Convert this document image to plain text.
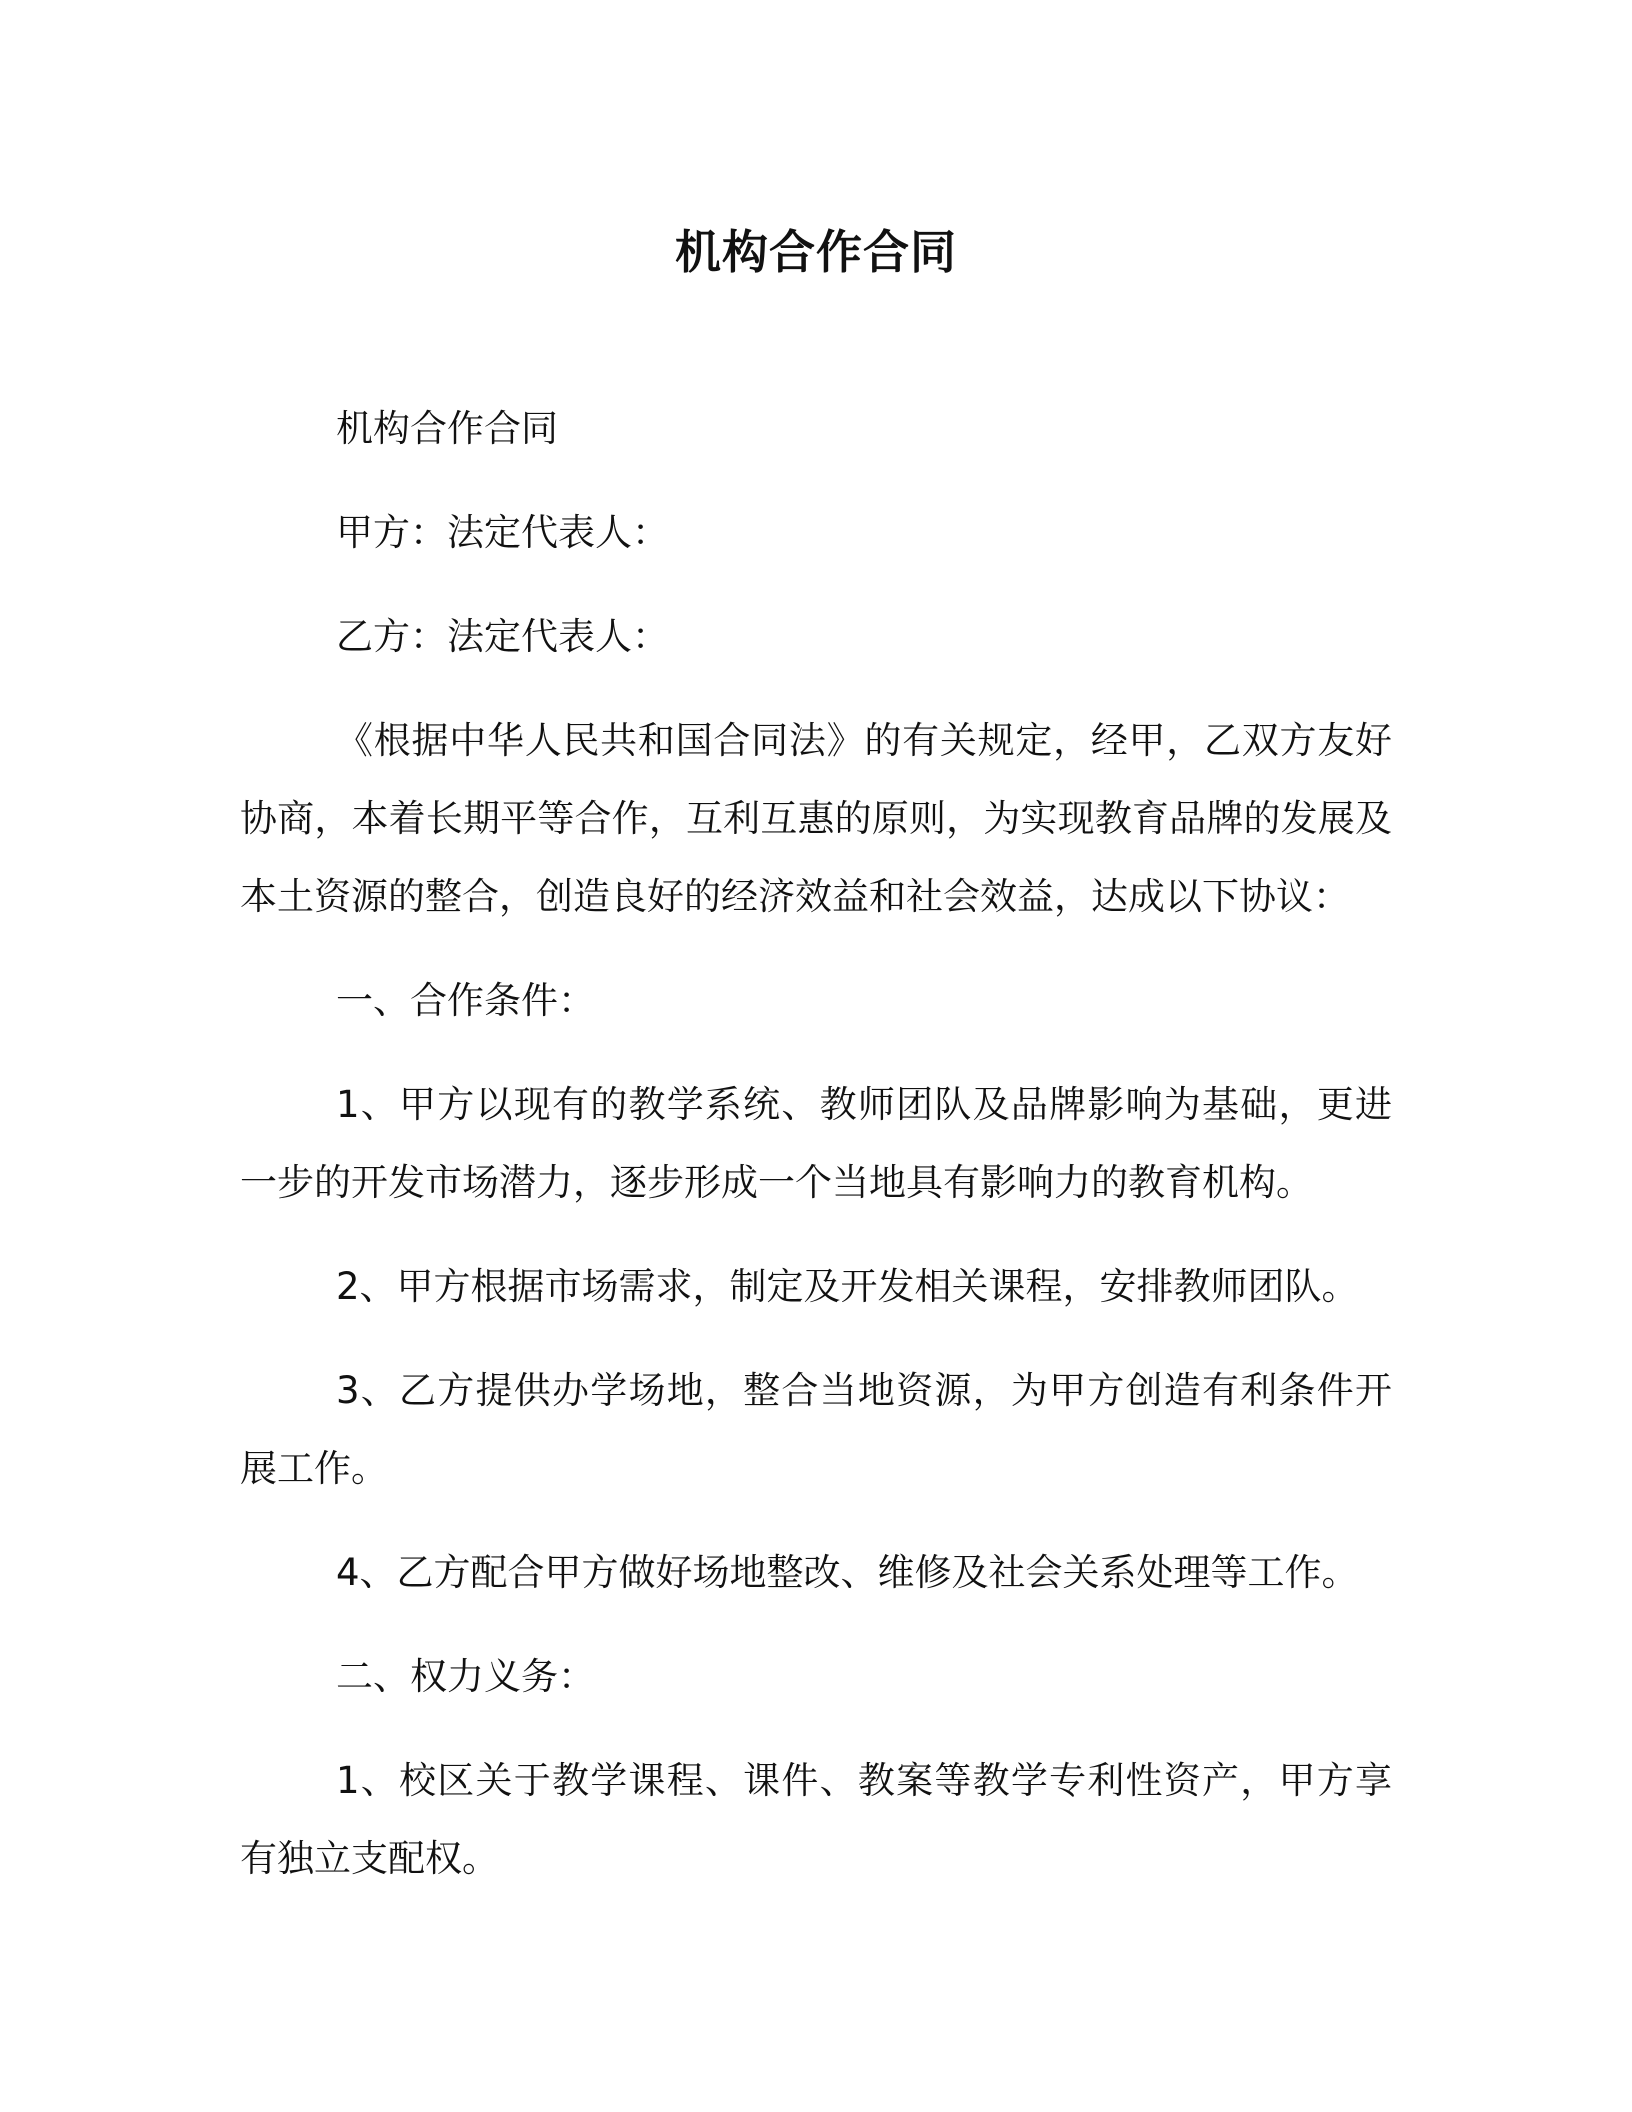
机构合作合同

机构合作合同

甲方：法定代表人：

乙方：法定代表人：

《根据中华人民共和国合同法》的有关规定，经甲，乙双方友好协商，本着长期平等合作，互利互惠的原则，为实现教育品牌的发展及本土资源的整合，创造良好的经济效益和社会效益，达成以下协议：

一、合作条件：

1、甲方以现有的教学系统、教师团队及品牌影响为基础，更进一步的开发市场潜力，逐步形成一个当地具有影响力的教育机构。

2、甲方根据市场需求，制定及开发相关课程，安排教师团队。

3、乙方提供办学场地，整合当地资源，为甲方创造有利条件开展工作。

4、乙方配合甲方做好场地整改、维修及社会关系处理等工作。

二、权力义务：

1、校区关于教学课程、课件、教案等教学专利性资产，甲方享有独立支配权。
